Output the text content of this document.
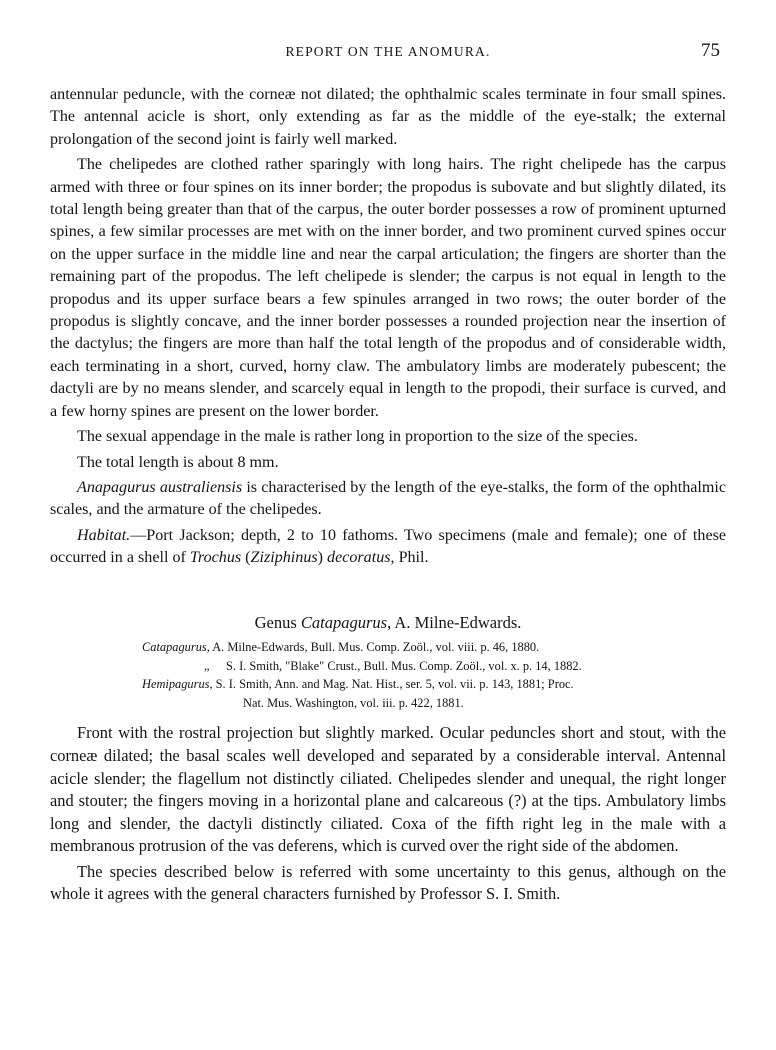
REPORT ON THE ANOMURA.	75

antennular peduncle, with the corneæ not dilated; the ophthalmic scales terminate in four small spines. The antennal acicle is short, only extending as far as the middle of the eye-stalk; the external prolongation of the second joint is fairly well marked.

The chelipedes are clothed rather sparingly with long hairs. The right chelipede has the carpus armed with three or four spines on its inner border; the propodus is subovate and but slightly dilated, its total length being greater than that of the carpus, the outer border possesses a row of prominent upturned spines, a few similar processes are met with on the inner border, and two prominent curved spines occur on the upper surface in the middle line and near the carpal articulation; the fingers are shorter than the remaining part of the propodus. The left chelipede is slender; the carpus is not equal in length to the propodus and its upper surface bears a few spinules arranged in two rows; the outer border of the propodus is slightly concave, and the inner border possesses a rounded projection near the insertion of the dactylus; the fingers are more than half the total length of the propodus and of considerable width, each terminating in a short, curved, horny claw. The ambulatory limbs are moderately pubescent; the dactyli are by no means slender, and scarcely equal in length to the propodi, their surface is curved, and a few horny spines are present on the lower border.

The sexual appendage in the male is rather long in proportion to the size of the species.

The total length is about 8 mm.

Anapagurus australiensis is characterised by the length of the eye-stalks, the form of the ophthalmic scales, and the armature of the chelipedes.

Habitat.—Port Jackson; depth, 2 to 10 fathoms. Two specimens (male and female); one of these occurred in a shell of Trochus (Ziziphinus) decoratus, Phil.

Genus Catapagurus, A. Milne-Edwards.

Catapagurus, A. Milne-Edwards, Bull. Mus. Comp. Zoöl., vol. viii. p. 46, 1880.

„ S. I. Smith, "Blake" Crust., Bull. Mus. Comp. Zoöl., vol. x. p. 14, 1882.

Hemipagurus, S. I. Smith, Ann. and Mag. Nat. Hist., ser. 5, vol. vii. p. 143, 1881; Proc.

Nat. Mus. Washington, vol. iii. p. 422, 1881.

Front with the rostral projection but slightly marked. Ocular peduncles short and stout, with the corneæ dilated; the basal scales well developed and separated by a considerable interval. Antennal acicle slender; the flagellum not distinctly ciliated. Chelipedes slender and unequal, the right longer and stouter; the fingers moving in a horizontal plane and calcareous (?) at the tips. Ambulatory limbs long and slender, the dactyli distinctly ciliated. Coxa of the fifth right leg in the male with a membranous protrusion of the vas deferens, which is curved over the right side of the abdomen.

The species described below is referred with some uncertainty to this genus, although on the whole it agrees with the general characters furnished by Professor S. I. Smith.
